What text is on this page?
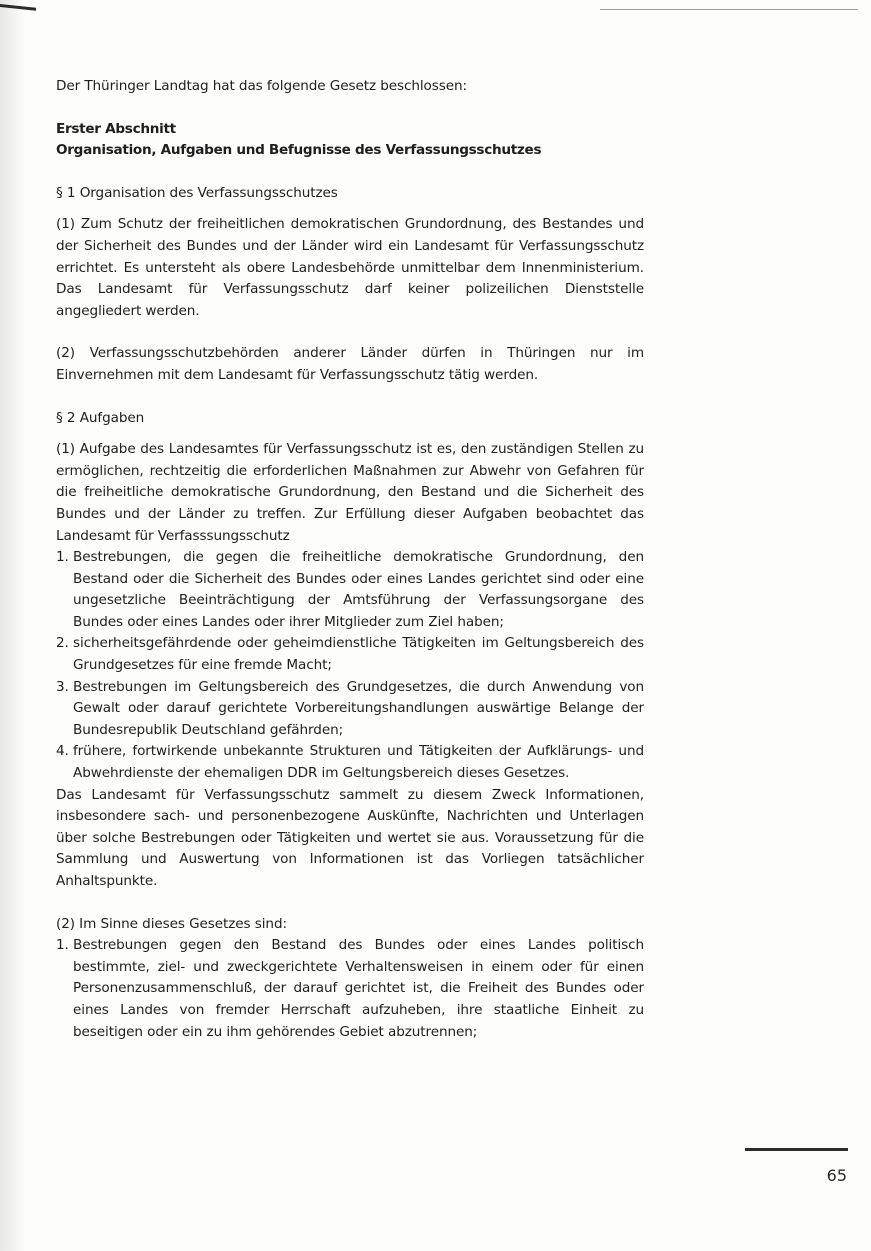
Der Thüringer Landtag hat das folgende Gesetz beschlossen:

Erster Abschnitt
Organisation, Aufgaben und Befugnisse des Verfassungsschutzes

§ 1 Organisation des Verfassungsschutzes

(1) Zum Schutz der freiheitlichen demokratischen Grundordnung, des Bestandes und der Sicherheit des Bundes und der Länder wird ein Landesamt für Verfassungsschutz errichtet. Es untersteht als obere Landesbehörde unmittelbar dem Innenministerium. Das Landesamt für Verfassungsschutz darf keiner polizeilichen Dienststelle angegliedert werden.

(2) Verfassungsschutzbehörden anderer Länder dürfen in Thüringen nur im Einvernehmen mit dem Landesamt für Verfassungsschutz tätig werden.

§ 2 Aufgaben

(1) Aufgabe des Landesamtes für Verfassungsschutz ist es, den zuständigen Stellen zu ermöglichen, rechtzeitig die erforderlichen Maßnahmen zur Abwehr von Gefahren für die freiheitliche demokratische Grundordnung, den Bestand und die Sicherheit des Bundes und der Länder zu treffen. Zur Erfüllung dieser Aufgaben beobachtet das Landesamt für Verfasssungsschutz

1. Bestrebungen, die gegen die freiheitliche demokratische Grundordnung, den Bestand oder die Sicherheit des Bundes oder eines Landes gerichtet sind oder eine ungesetzliche Beeinträchtigung der Amtsführung der Verfassungsorgane des Bundes oder eines Landes oder ihrer Mitglieder zum Ziel haben;
2. sicherheitsgefährdende oder geheimdienstliche Tätigkeiten im Geltungsbereich des Grundgesetzes für eine fremde Macht;
3. Bestrebungen im Geltungsbereich des Grundgesetzes, die durch Anwendung von Gewalt oder darauf gerichtete Vorbereitungshandlungen auswärtige Belange der Bundesrepublik Deutschland gefährden;
4. frühere, fortwirkende unbekannte Strukturen und Tätigkeiten der Aufklärungs- und Abwehrdienste der ehemaligen DDR im Geltungsbereich dieses Gesetzes.

Das Landesamt für Verfassungsschutz sammelt zu diesem Zweck Informationen, insbesondere sach- und personenbezogene Auskünfte, Nachrichten und Unterlagen über solche Bestrebungen oder Tätigkeiten und wertet sie aus. Voraussetzung für die Sammlung und Auswertung von Informationen ist das Vorliegen tatsächlicher Anhaltspunkte.

(2) Im Sinne dieses Gesetzes sind:

1. Bestrebungen gegen den Bestand des Bundes oder eines Landes politisch bestimmte, ziel- und zweckgerichtete Verhaltensweisen in einem oder für einen Personenzusammenschluß, der darauf gerichtet ist, die Freiheit des Bundes oder eines Landes von fremder Herrschaft aufzuheben, ihre staatliche Einheit zu beseitigen oder ein zu ihm gehörendes Gebiet abzutrennen;
65
